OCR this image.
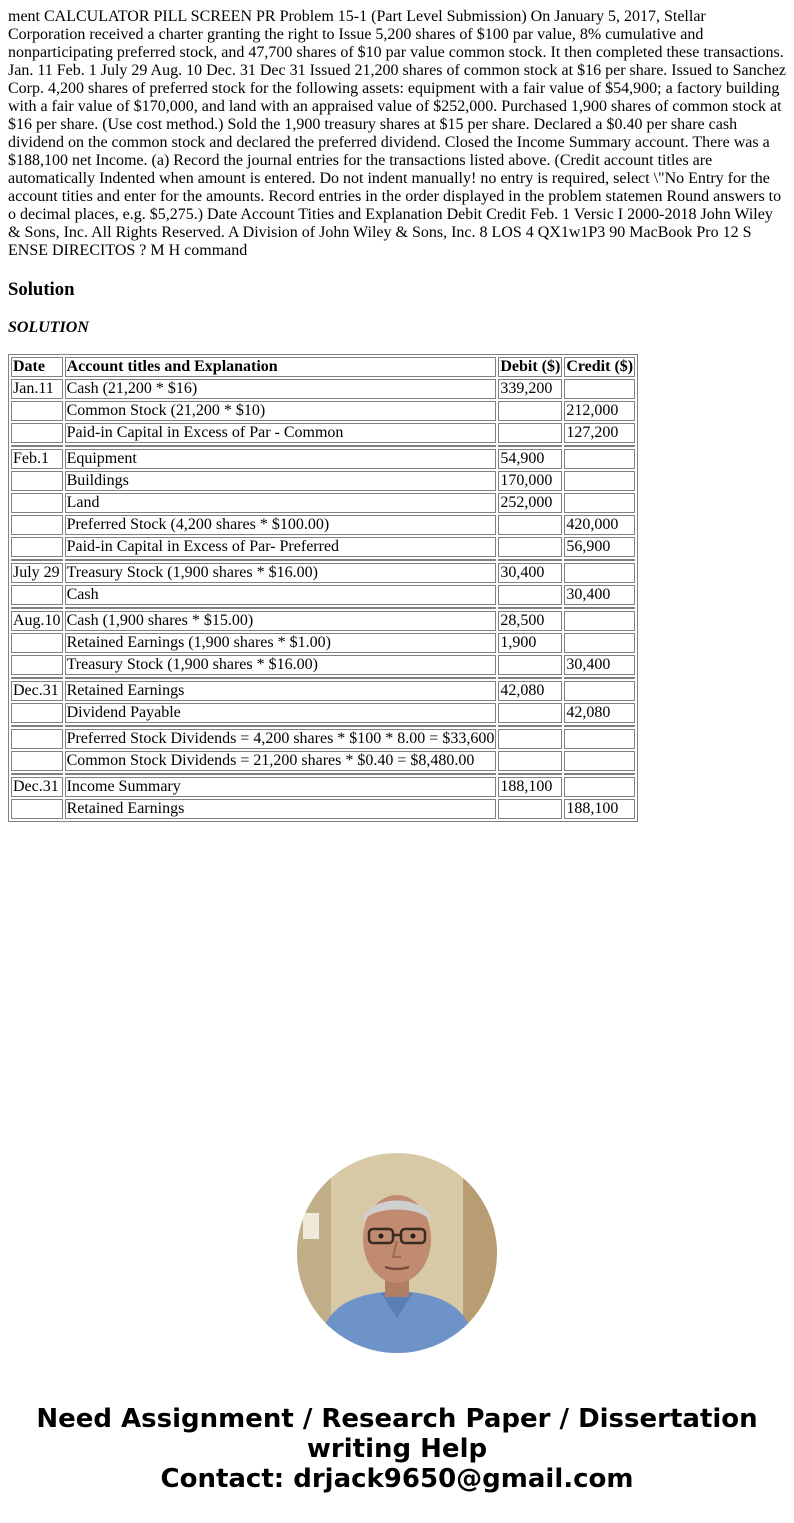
ment CALCULATOR PILL SCREEN PR Problem 15-1 (Part Level Submission) On January 5, 2017, Stellar Corporation received a charter granting the right to Issue 5,200 shares of $100 par value, 8% cumulative and nonparticipating preferred stock, and 47,700 shares of $10 par value common stock. It then completed these transactions. Jan. 11 Feb. 1 July 29 Aug. 10 Dec. 31 Dec 31 Issued 21,200 shares of common stock at $16 per share. Issued to Sanchez Corp. 4,200 shares of preferred stock for the following assets: equipment with a fair value of $54,900; a factory building with a fair value of $170,000, and land with an appraised value of $252,000. Purchased 1,900 shares of common stock at $16 per share. (Use cost method.) Sold the 1,900 treasury shares at $15 per share. Declared a $0.40 per share cash dividend on the common stock and declared the preferred dividend. Closed the Income Summary account. There was a $188,100 net Income. (a) Record the journal entries for the transactions listed above. (Credit account titles are automatically Indented when amount is entered. Do not indent manually! no entry is required, select \"No Entry for the account tities and enter for the amounts. Record entries in the order displayed in the problem statemen Round answers to o decimal places, e.g. $5,275.) Date Account Tities and Explanation Debit Credit Feb. 1 Versic I 2000-2018 John Wiley & Sons, Inc. All Rights Reserved. A Division of John Wiley & Sons, Inc. 8 LOS 4 QX1w1P3 90 MacBook Pro 12 S ENSE DIRECITOS ? M H command

Solution

SOLUTION

Date	Account titles and Explanation	Debit ($)	Credit ($)
Jan.11	Cash (21,200 * $16)	339,200	
	Common Stock (21,200 * $10)		212,000
	Paid-in Capital in Excess of Par - Common		127,200

Feb.1	Equipment	54,900	
	Buildings	170,000	
	Land	252,000	
	Preferred Stock (4,200 shares * $100.00)		420,000
	Paid-in Capital in Excess of Par- Preferred		56,900

July 29	Treasury Stock (1,900 shares * $16.00)	30,400	
	Cash		30,400

Aug.10	Cash (1,900 shares * $15.00)	28,500	
	Retained Earnings (1,900 shares * $1.00)	1,900	
	Treasury Stock (1,900 shares * $16.00)		30,400

Dec.31	Retained Earnings	42,080	
	Dividend Payable		42,080

	Preferred Stock Dividends = 4,200 shares * $100 * 8.00 = $33,600		
	Common Stock Dividends = 21,200 shares * $0.40 = $8,480.00		

Dec.31	Income Summary	188,100	
	Retained Earnings		188,100
Need Assignment / Research Paper / Dissertation
writing Help
Contact: drjack9650@gmail.com
